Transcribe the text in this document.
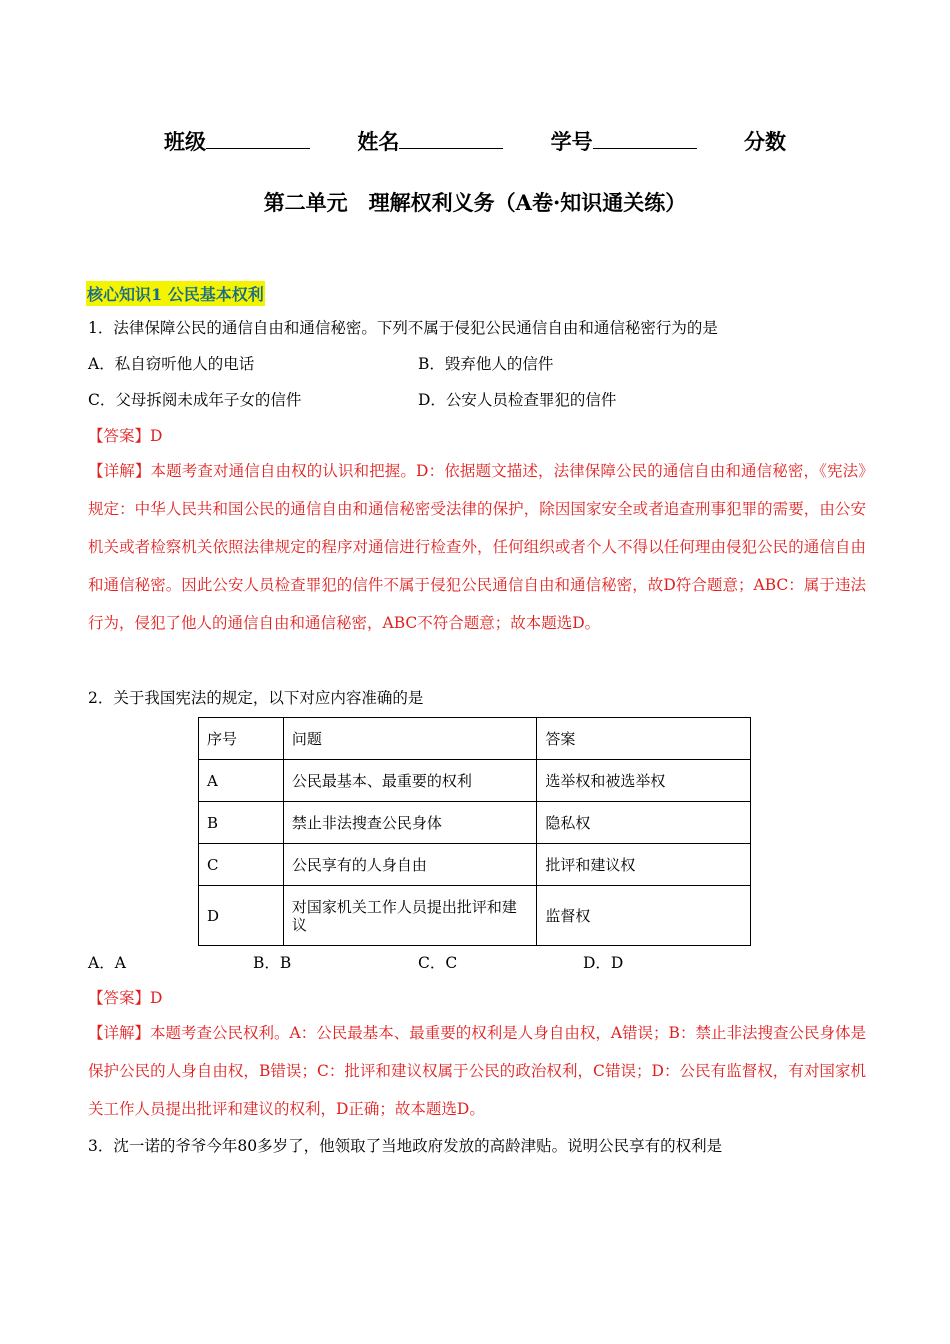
班级	姓名	学号	分数
第二单元　理解权利义务（A卷·知识通关练）
核心知识1 公民基本权利
1．法律保障公民的通信自由和通信秘密。下列不属于侵犯公民通信自由和通信秘密行为的是
A．私自窃听他人的电话	B．毁弃他人的信件
C．父母拆阅未成年子女的信件	D．公安人员检查罪犯的信件
【答案】D
【详解】本题考查对通信自由权的认识和把握。D：依据题文描述，法律保障公民的通信自由和通信秘密，《宪法》规定：中华人民共和国公民的通信自由和通信秘密受法律的保护，除因国家安全或者追查刑事犯罪的需要，由公安机关或者检察机关依照法律规定的程序对通信进行检查外，任何组织或者个人不得以任何理由侵犯公民的通信自由和通信秘密。因此公安人员检查罪犯的信件不属于侵犯公民通信自由和通信秘密，故D符合题意；ABC：属于违法行为，侵犯了他人的通信自由和通信秘密，ABC不符合题意；故本题选D。
2．关于我国宪法的规定，以下对应内容准确的是
序号	问题	答案
A	公民最基本、最重要的权利	选举权和被选举权
B	禁止非法搜查公民身体	隐私权
C	公民享有的人身自由	批评和建议权
D	对国家机关工作人员提出批评和建议	监督权
A．A	B．B	C．C	D．D
【答案】D
【详解】本题考查公民权利。A：公民最基本、最重要的权利是人身自由权，A错误；B：禁止非法搜查公民身体是保护公民的人身自由权，B错误；C：批评和建议权属于公民的政治权利，C错误；D：公民有监督权，有对国家机关工作人员提出批评和建议的权利，D正确；故本题选D。
3．沈一诺的爷爷今年80多岁了，他领取了当地政府发放的高龄津贴。说明公民享有的权利是
